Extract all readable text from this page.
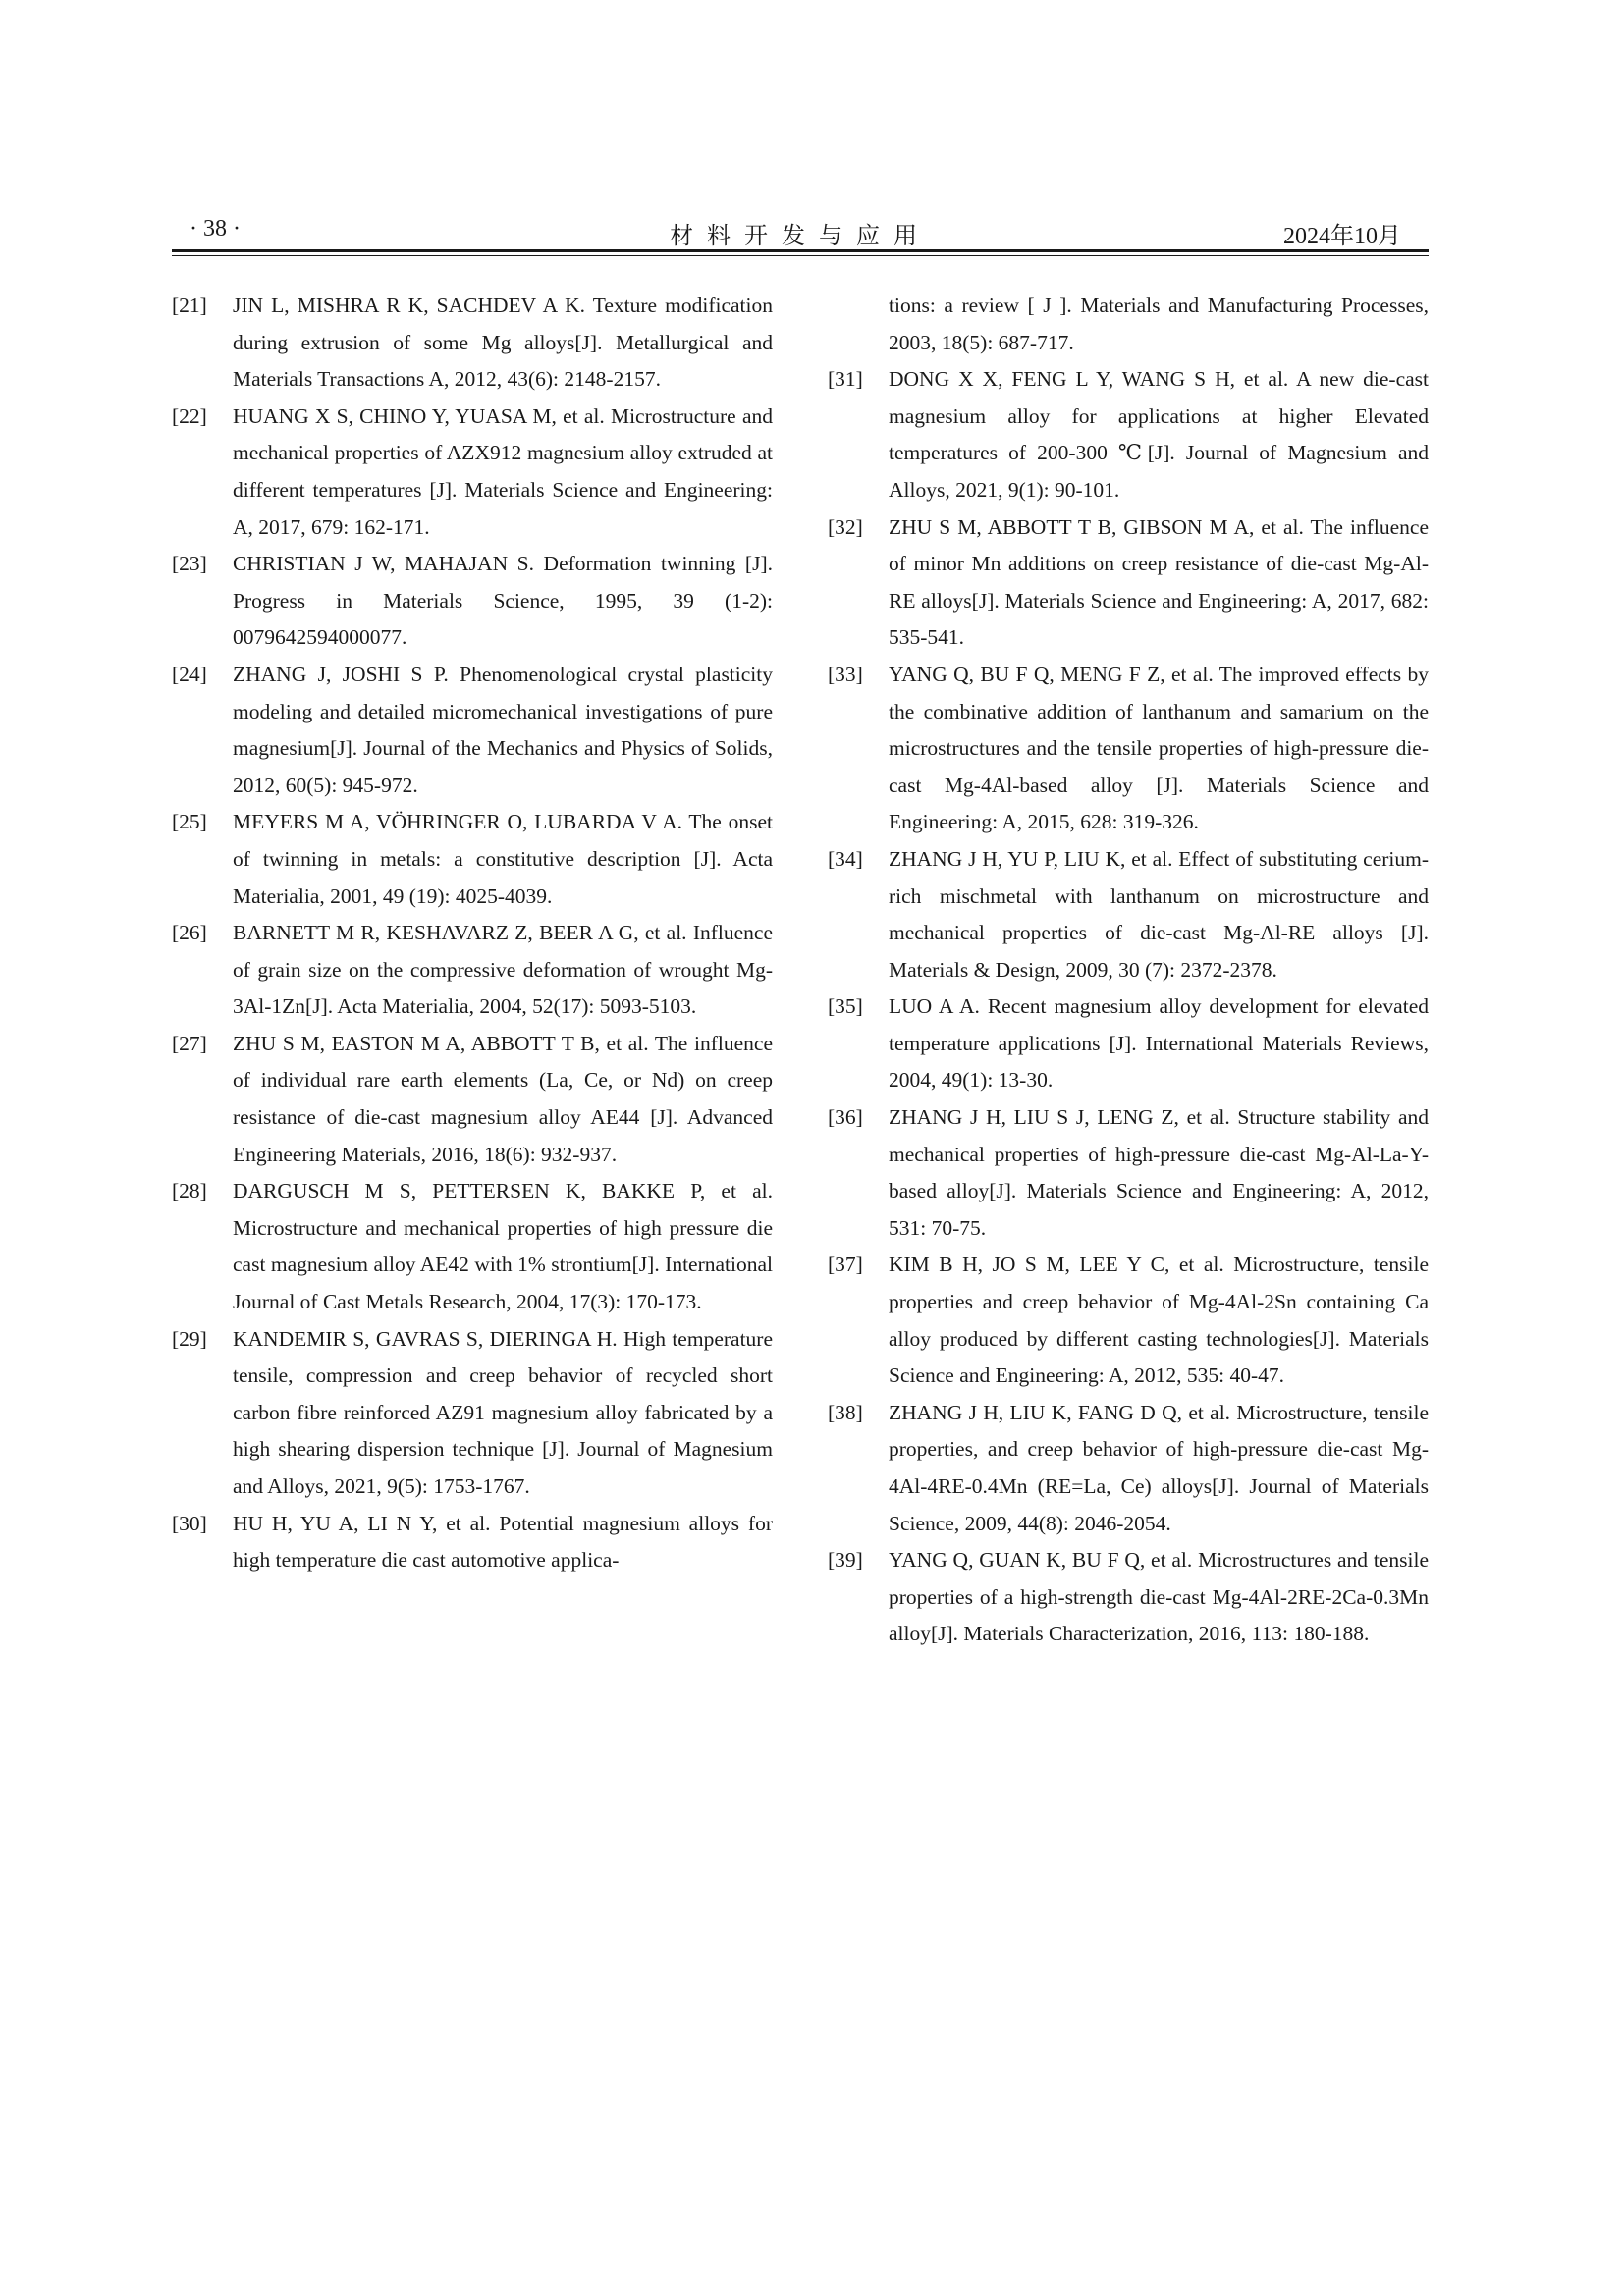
· 38 ·	材料开发与应用	2024年10月

[21] JIN L, MISHRA R K, SACHDEV A K. Texture modification during extrusion of some Mg alloys[J]. Metallurgical and Materials Transactions A, 2012, 43(6): 2148-2157.

[22] HUANG X S, CHINO Y, YUASA M, et al. Microstructure and mechanical properties of AZX912 magnesium alloy extruded at different temperatures [J]. Materials Science and Engineering: A, 2017, 679: 162-171.

[23] CHRISTIAN J W, MAHAJAN S. Deformation twinning [J]. Progress in Materials Science, 1995, 39 (1-2): 0079642594000077.

[24] ZHANG J, JOSHI S P. Phenomenological crystal plasticity modeling and detailed micromechanical investigations of pure magnesium[J]. Journal of the Mechanics and Physics of Solids, 2012, 60(5): 945-972.

[25] MEYERS M A, VÖHRINGER O, LUBARDA V A. The onset of twinning in metals: a constitutive description [J]. Acta Materialia, 2001, 49 (19): 4025-4039.

[26] BARNETT M R, KESHAVARZ Z, BEER A G, et al. Influence of grain size on the compressive deformation of wrought Mg-3Al-1Zn[J]. Acta Materialia, 2004, 52(17): 5093-5103.

[27] ZHU S M, EASTON M A, ABBOTT T B, et al. The influence of individual rare earth elements (La, Ce, or Nd) on creep resistance of die-cast magnesium alloy AE44 [J]. Advanced Engineering Materials, 2016, 18(6): 932-937.

[28] DARGUSCH M S, PETTERSEN K, BAKKE P, et al. Microstructure and mechanical properties of high pressure die cast magnesium alloy AE42 with 1% strontium[J]. International Journal of Cast Metals Research, 2004, 17(3): 170-173.

[29] KANDEMIR S, GAVRAS S, DIERINGA H. High temperature tensile, compression and creep behavior of recycled short carbon fibre reinforced AZ91 magnesium alloy fabricated by a high shearing dispersion technique [J]. Journal of Magnesium and Alloys, 2021, 9(5): 1753-1767.

[30] HU H, YU A, LI N Y, et al. Potential magnesium alloys for high temperature die cast automotive applica-

tions: a review [ J ]. Materials and Manufacturing Processes, 2003, 18(5): 687-717.

[31] DONG X X, FENG L Y, WANG S H, et al. A new die-cast magnesium alloy for applications at higher Elevated temperatures of 200-300 ℃[J]. Journal of Magnesium and Alloys, 2021, 9(1): 90-101.

[32] ZHU S M, ABBOTT T B, GIBSON M A, et al. The influence of minor Mn additions on creep resistance of die-cast Mg-Al-RE alloys[J]. Materials Science and Engineering: A, 2017, 682: 535-541.

[33] YANG Q, BU F Q, MENG F Z, et al. The improved effects by the combinative addition of lanthanum and samarium on the microstructures and the tensile properties of high-pressure die-cast Mg-4Al-based alloy [J]. Materials Science and Engineering: A, 2015, 628: 319-326.

[34] ZHANG J H, YU P, LIU K, et al. Effect of substituting cerium-rich mischmetal with lanthanum on microstructure and mechanical properties of die-cast Mg-Al-RE alloys [J]. Materials & Design, 2009, 30 (7): 2372-2378.

[35] LUO A A. Recent magnesium alloy development for elevated temperature applications [J]. International Materials Reviews, 2004, 49(1): 13-30.

[36] ZHANG J H, LIU S J, LENG Z, et al. Structure stability and mechanical properties of high-pressure die-cast Mg-Al-La-Y-based alloy[J]. Materials Science and Engineering: A, 2012, 531: 70-75.

[37] KIM B H, JO S M, LEE Y C, et al. Microstructure, tensile properties and creep behavior of Mg-4Al-2Sn containing Ca alloy produced by different casting technologies[J]. Materials Science and Engineering: A, 2012, 535: 40-47.

[38] ZHANG J H, LIU K, FANG D Q, et al. Microstructure, tensile properties, and creep behavior of high-pressure die-cast Mg-4Al-4RE-0.4Mn (RE=La, Ce) alloys[J]. Journal of Materials Science, 2009, 44(8): 2046-2054.

[39] YANG Q, GUAN K, BU F Q, et al. Microstructures and tensile properties of a high-strength die-cast Mg-4Al-2RE-2Ca-0.3Mn alloy[J]. Materials Characterization, 2016, 113: 180-188.
